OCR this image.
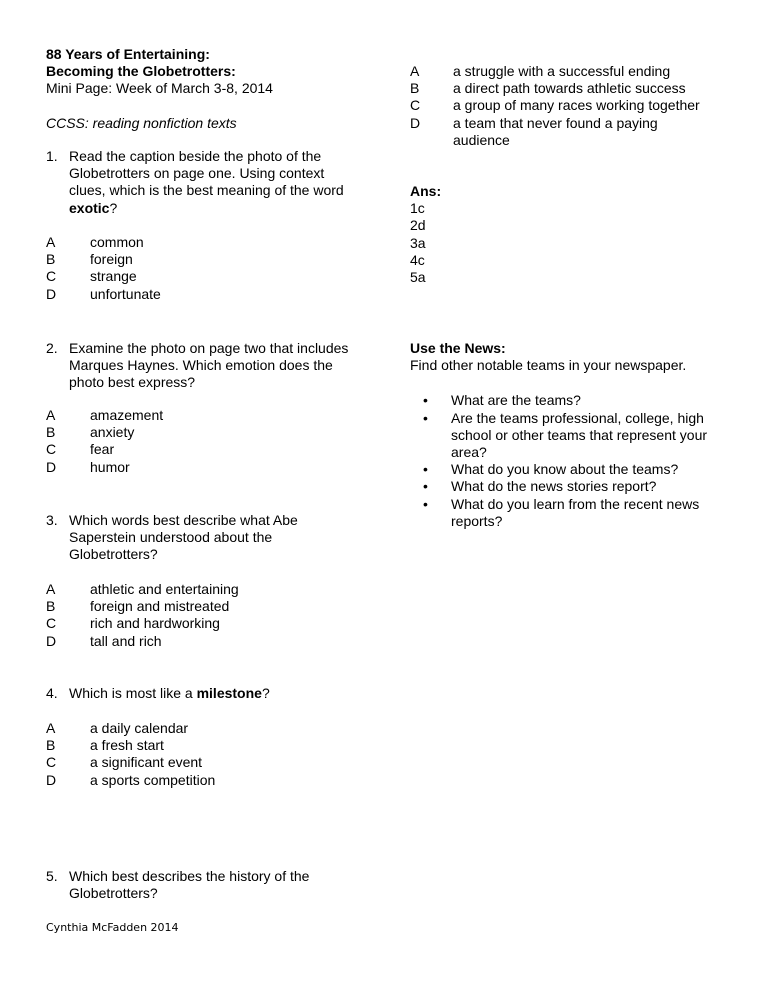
88 Years of Entertaining:
Becoming the Globetrotters:
Mini Page: Week of March 3-8, 2014
CCSS: reading nonfiction texts
1. Read the caption beside the photo of the Globetrotters on page one. Using context clues, which is the best meaning of the word exotic?
A	common
B	foreign
C	strange
D	unfortunate
2. Examine the photo on page two that includes Marques Haynes. Which emotion does the photo best express?
A	amazement
B	anxiety
C	fear
D	humor
3. Which words best describe what Abe Saperstein understood about the Globetrotters?
A	athletic and entertaining
B	foreign and mistreated
C	rich and hardworking
D	tall and rich
4. Which is most like a milestone?
A	a daily calendar
B	a fresh start
C	a significant event
D	a sports competition
5. Which best describes the history of the Globetrotters?
Cynthia McFadden 2014
A	a struggle with a successful ending
B	a direct path towards athletic success
C	a group of many races working together
D	a team that never found a paying audience
Ans:
1c
2d
3a
4c
5a
Use the News:
Find other notable teams in your newspaper.
• What are the teams?
• Are the teams professional, college, high school or other teams that represent your area?
• What do you know about the teams?
• What do the news stories report?
• What do you learn from the recent news reports?
